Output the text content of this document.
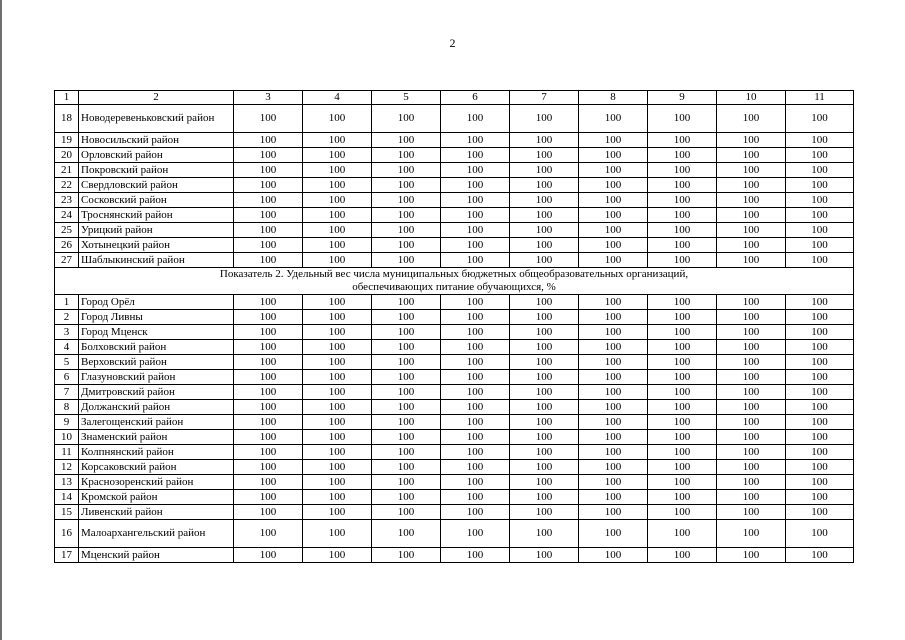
2
1	2	3	4	5	6	7	8	9	10	11
18	Новодеревеньковский район	100	100	100	100	100	100	100	100	100
19	Новосильский район	100	100	100	100	100	100	100	100	100
20	Орловский район	100	100	100	100	100	100	100	100	100
21	Покровский район	100	100	100	100	100	100	100	100	100
22	Свердловский район	100	100	100	100	100	100	100	100	100
23	Сосковский район	100	100	100	100	100	100	100	100	100
24	Троснянский район	100	100	100	100	100	100	100	100	100
25	Урицкий район	100	100	100	100	100	100	100	100	100
26	Хотынецкий район	100	100	100	100	100	100	100	100	100
27	Шаблыкинский район	100	100	100	100	100	100	100	100	100

Показатель 2. Удельный вес числа муниципальных бюджетных общеобразовательных организаций,
обеспечивающих питание обучающихся, %										

1	Город Орёл	100	100	100	100	100	100	100	100	100
2	Город Ливны	100	100	100	100	100	100	100	100	100
3	Город Мценск	100	100	100	100	100	100	100	100	100
4	Болховский район	100	100	100	100	100	100	100	100	100
5	Верховский район	100	100	100	100	100	100	100	100	100
6	Глазуновский район	100	100	100	100	100	100	100	100	100
7	Дмитровский район	100	100	100	100	100	100	100	100	100
8	Должанский район	100	100	100	100	100	100	100	100	100
9	Залегощенский район	100	100	100	100	100	100	100	100	100
10	Знаменский район	100	100	100	100	100	100	100	100	100
11	Колпнянский район	100	100	100	100	100	100	100	100	100
12	Корсаковский район	100	100	100	100	100	100	100	100	100
13	Краснозоренский район	100	100	100	100	100	100	100	100	100
14	Кромской район	100	100	100	100	100	100	100	100	100
15	Ливенский район	100	100	100	100	100	100	100	100	100
16	Малоархангельский район	100	100	100	100	100	100	100	100	100
17	Мценский район	100	100	100	100	100	100	100	100	100
